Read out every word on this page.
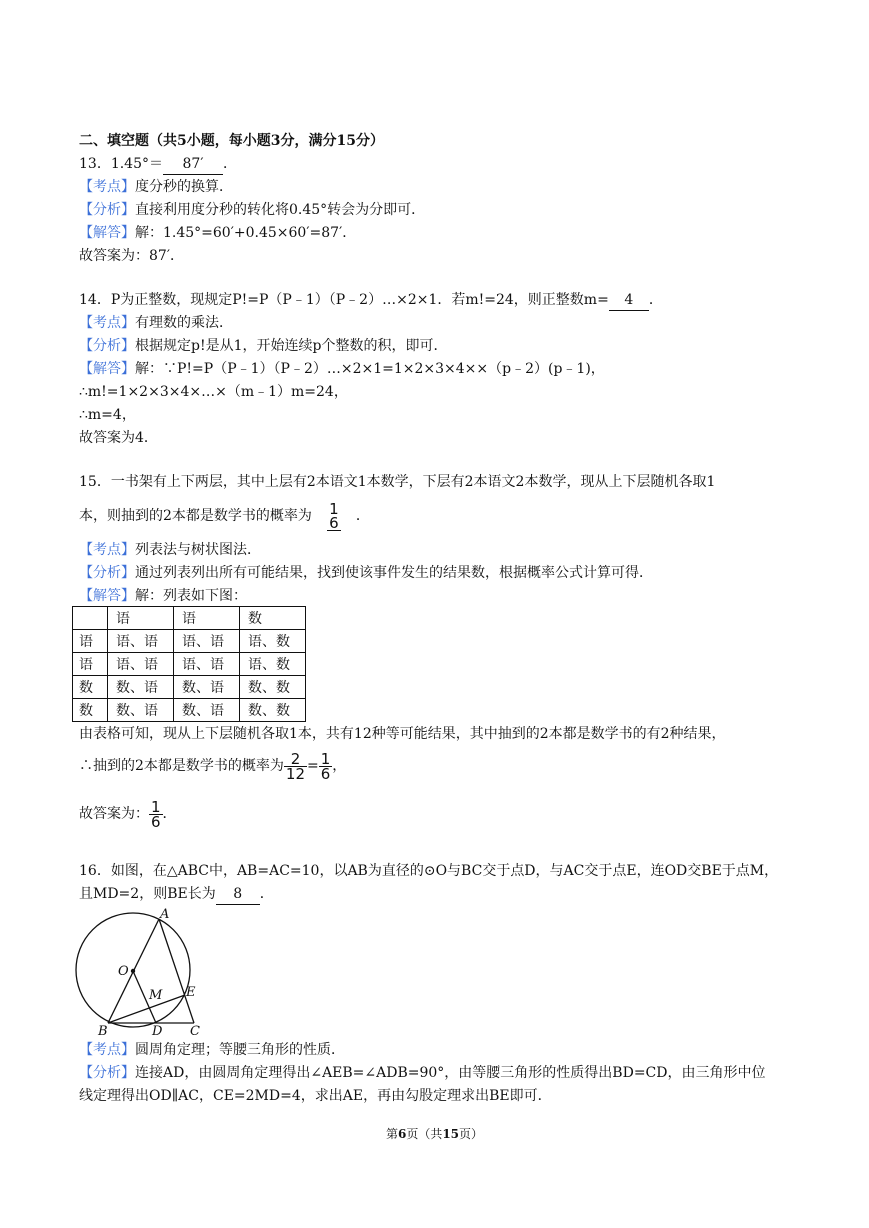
二、填空题（共5小题，每小题3分，满分15分）
13．1.45°＝ 87′ ．
【考点】度分秒的换算．
【分析】直接利用度分秒的转化将0.45°转会为分即可．
【解答】解：1.45°=60′+0.45×60′=87′．
故答案为：87′．
14．P为正整数，现规定P!=P（P﹣1）（P﹣2）…×2×1．若m!=24，则正整数m= 4 ．
【考点】有理数的乘法．
【分析】根据规定p!是从1，开始连续p个整数的积，即可．
【解答】解：∵P!=P（P﹣1）（P﹣2）…×2×1=1×2×3×4××（p﹣2）(p﹣1)，
∴m!=1×2×3×4×…×（m﹣1）m=24，
∴m=4，
故答案为4．
15．一书架有上下两层，其中上层有2本语文1本数学，下层有2本语文2本数学，现从上下层随机各取1
本，则抽到的2本都是数学书的概率为 1
6 ．
【考点】列表法与树状图法．
【分析】通过列表列出所有可能结果，找到使该事件发生的结果数，根据概率公式计算可得．
【解答】解：列表如下图：
	语	语	数
语	语、语	语、语	语、数
语	语、语	语、语	语、数
数	数、语	数、语	数、数
数	数、语	数、语	数、数
由表格可知，现从上下层随机各取1本，共有12种等可能结果，其中抽到的2本都是数学书的有2种结果，
∴抽到的2本都是数学书的概率为 $\frac{2}{12} = \frac{1}{6}$ ，
故答案为： $\frac{1}{6}$ ．
16．如图，在△ABC中，AB=AC=10，以AB为直径的⊙O与BC交于点D，与AC交于点E，连OD交BE于点M，
且MD=2，则BE长为 8 ．
A
O
M E
B	D C
【考点】圆周角定理；等腰三角形的性质．
【分析】连接AD，由圆周角定理得出∠AEB=∠ADB=90°，由等腰三角形的性质得出BD=CD，由三角形中位
线定理得出OD∥AC，CE=2MD=4，求出AE，再由勾股定理求出BE即可．
第6页（共15页）
